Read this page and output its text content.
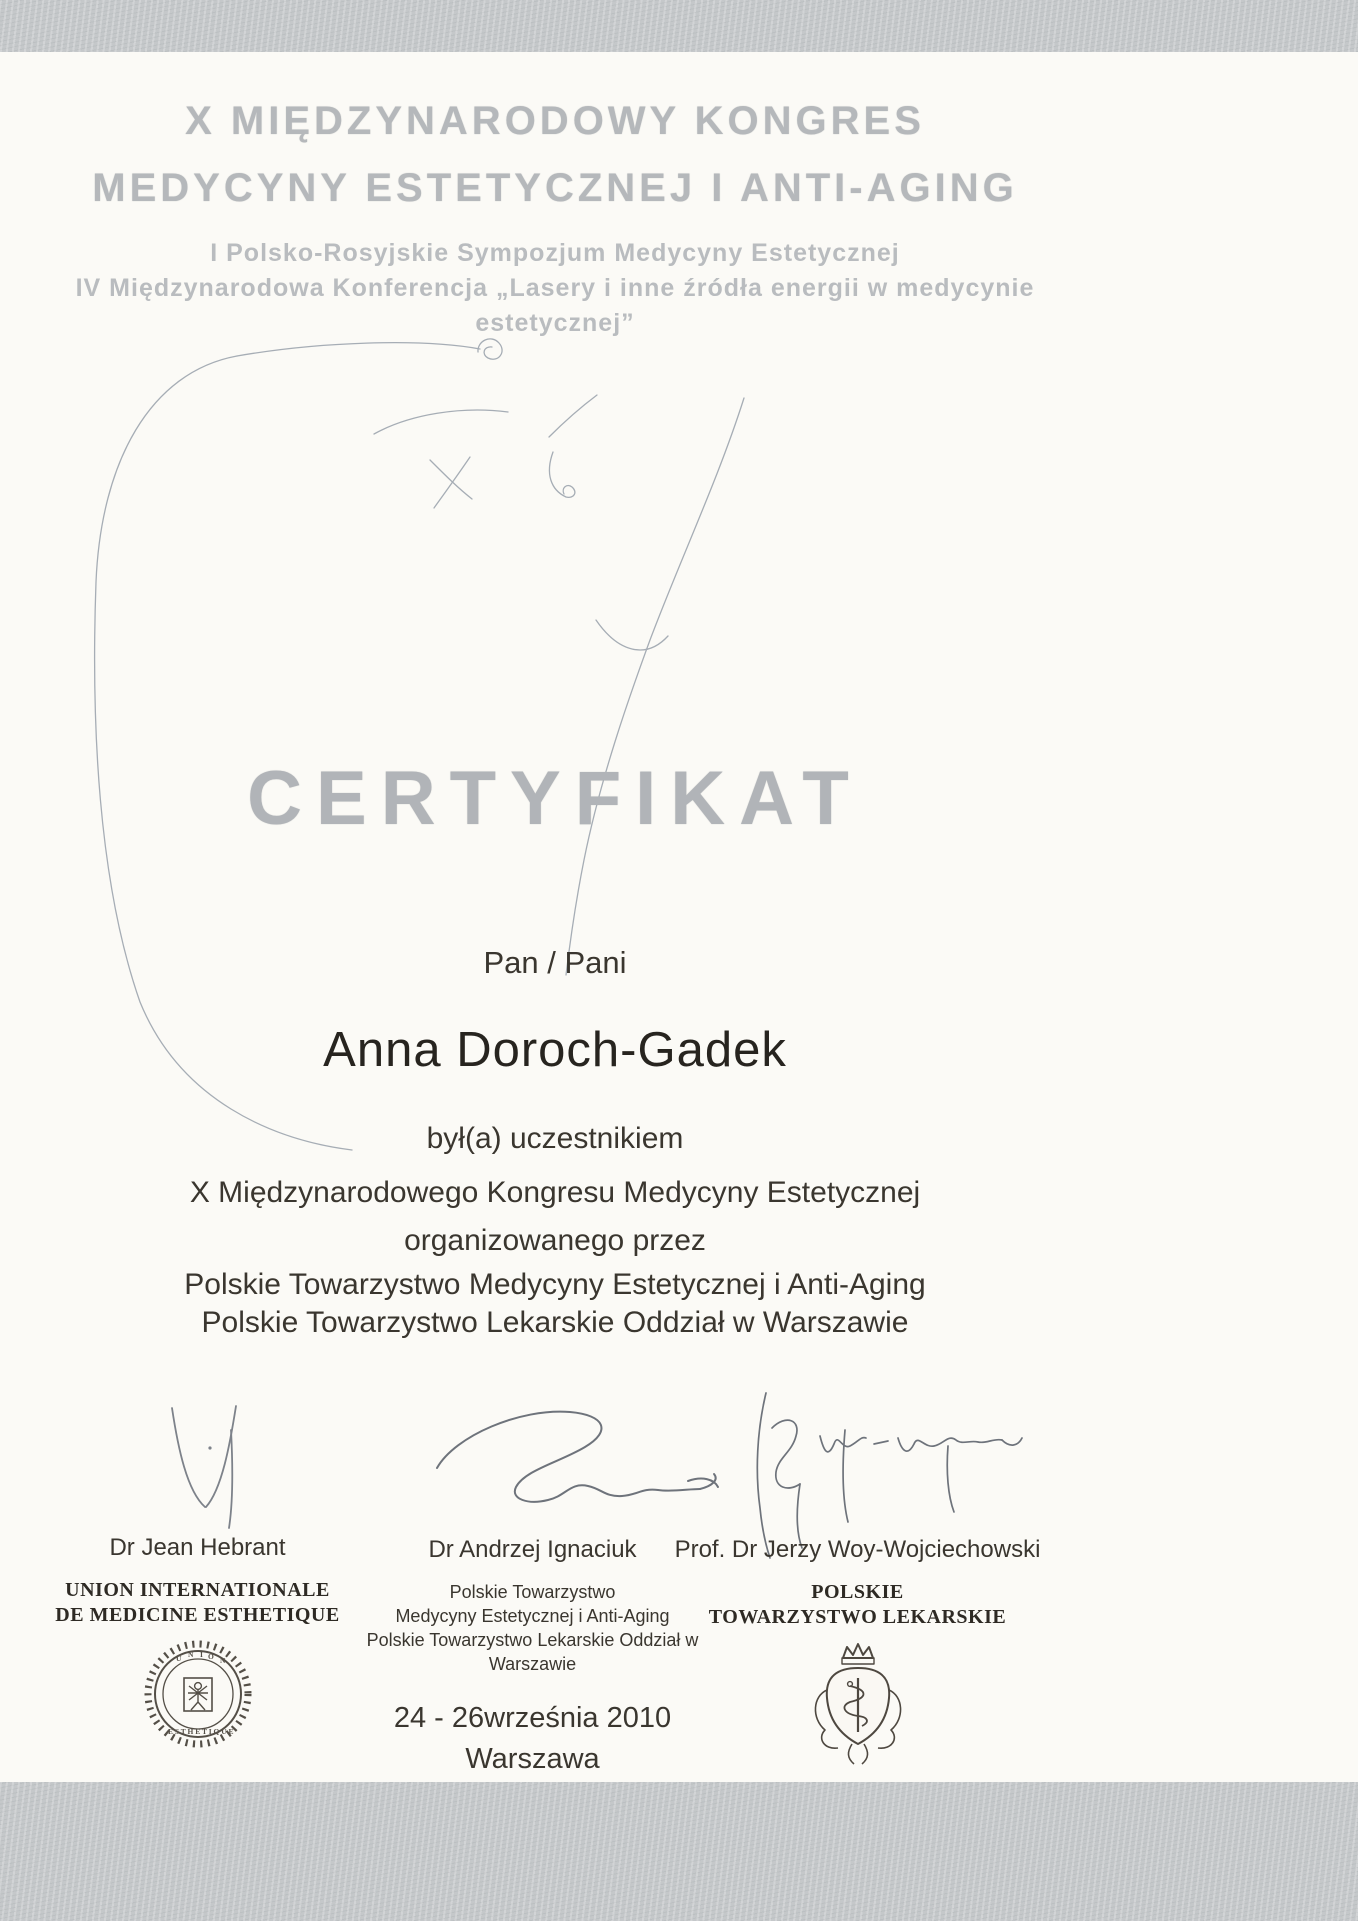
X MIĘDZYNARODOWY KONGRES
MEDYCYNY ESTETYCZNEJ I ANTI-AGING
I Polsko-Rosyjskie Sympozjum Medycyny Estetycznej
IV Międzynarodowa Konferencja „Lasery i inne źródła energii w medycynie estetycznej”
CERTYFIKAT
Pan / Pani
Anna Doroch-Gadek
był(a) uczestnikiem
X Międzynarodowego Kongresu Medycyny Estetycznej
organizowanego przez
Polskie Towarzystwo Medycyny Estetycznej i Anti-Aging
Polskie Towarzystwo Lekarskie Oddział w Warszawie
Dr Jean Hebrant
UNION INTERNATIONALE
DE MEDICINE ESTHETIQUE
U N I O N
E S T H E T I Q U E
Dr Andrzej Ignaciuk
Polskie Towarzystwo
Medycyny Estetycznej i Anti-Aging
Polskie Towarzystwo Lekarskie Oddział w Warszawie
Prof. Dr Jerzy Woy-Wojciechowski
POLSKIE
TOWARZYSTWO LEKARSKIE
24 - 26września 2010
Warszawa
